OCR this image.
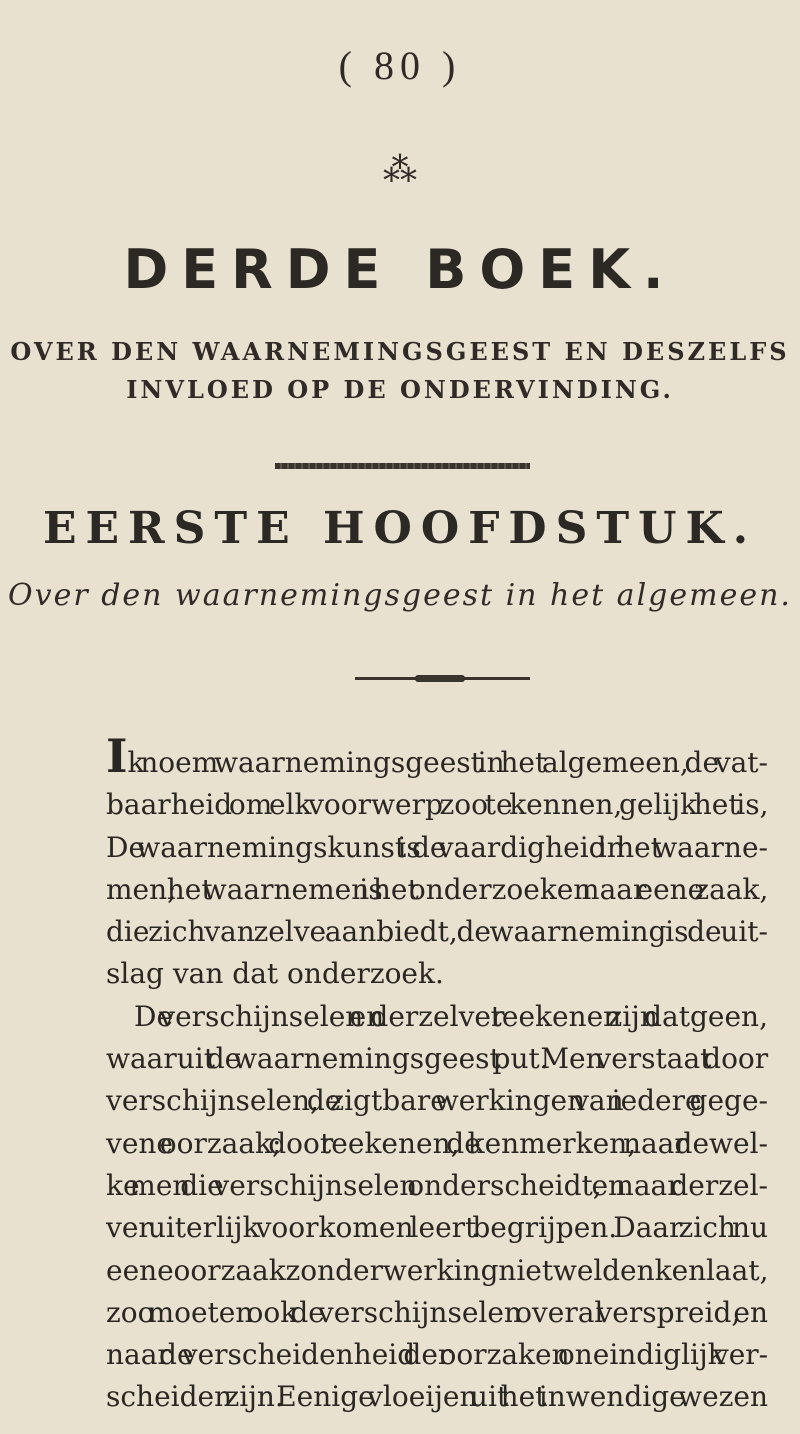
( 80 )
⁂
DERDE BOEK.
OVER DEN WAARNEMINGSGEEST EN DESZELFS
INVLOED OP DE ONDERVINDING.
EERSTE HOOFDSTUK.
Over den waarnemingsgeest in het algemeen.
Ik noem waarnemingsgeest in het algemeen, de vat-
baarheid om elk voorwerp zoo te kennen, gelijk het is,
De waarnemingskunst is de vaardigheid in het waarne-
men; het waarnemen is het onderzoeken naar eene zaak,
die zich van zelve aanbiedt, de waarneming is de uit-
slag van dat onderzoek.
De verschijnselen en derzelver teekenen zijn datgeen,
waaruit de waarnemingsgeest put. Men verstaat door
verschijnselen, de zigtbare werkingen van iedere gege-
vene oorzaak; door teekenen, de kenmerken, naar dewel-
ke men die verschijnselen onderscheidt, en naar derzel-
ver uiterlijk voorkomen leert begrijpen. Daar zich nu
eene oorzaak zonder werking niet wel denken laat,
zoo moeten ook de verschijnselen overal verspreid, en
naar de verscheidenheid der oorzaken oneindiglijk ver-
scheiden zijn. Eenige vloeijen uit het inwendige wezen
